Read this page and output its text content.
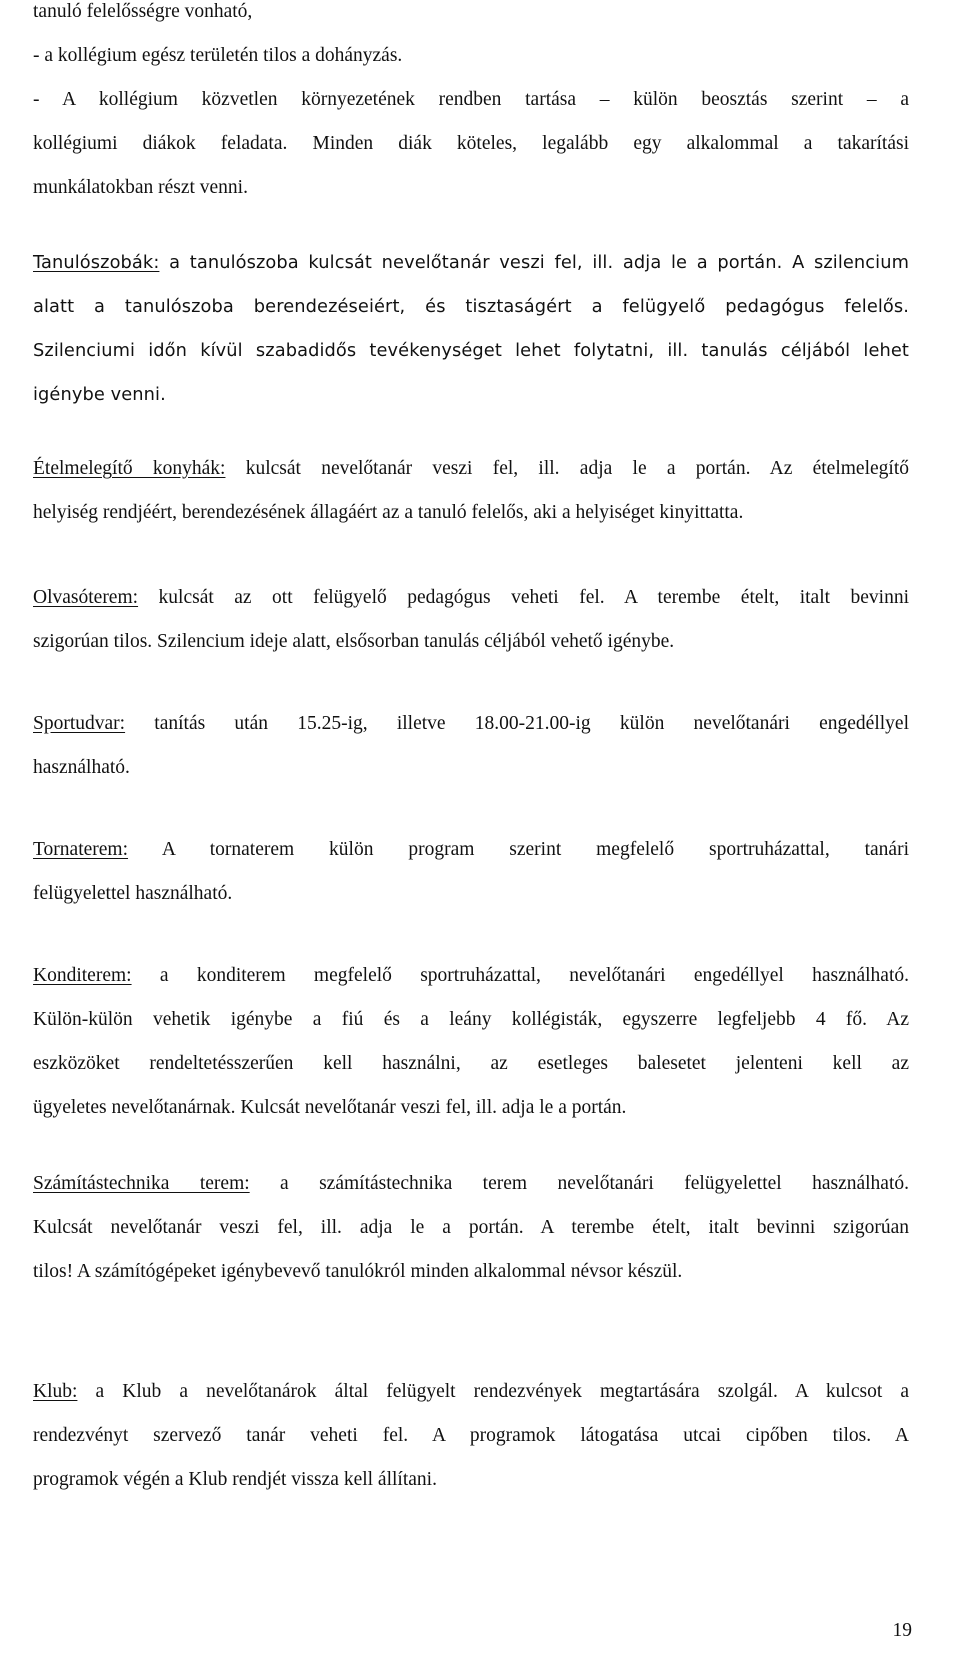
tanuló felelősségre vonható,
- a kollégium egész területén tilos a dohányzás.
- A kollégium közvetlen környezetének rendben tartása – külön beosztás szerint – a
kollégiumi diákok feladata. Minden diák köteles, legalább egy alkalommal a takarítási
munkálatokban részt venni.
Tanulószobák: a tanulószoba kulcsát nevelőtanár veszi fel, ill. adja le a portán. A szilencium
alatt a tanulószoba berendezéseiért, és tisztaságért a felügyelő pedagógus felelős.
Szilenciumi időn kívül szabadidős tevékenységet lehet folytatni, ill. tanulás céljából lehet
igénybe venni.
Ételmelegítő konyhák: kulcsát nevelőtanár veszi fel, ill. adja le a portán. Az ételmelegítő
helyiség rendjéért, berendezésének állagáért az a tanuló felelős, aki a helyiséget kinyittatta.
Olvasóterem: kulcsát az ott felügyelő pedagógus veheti fel. A terembe ételt, italt bevinni
szigorúan tilos. Szilencium ideje alatt, elsősorban tanulás céljából vehető igénybe.
Sportudvar: tanítás után 15.25-ig, illetve 18.00-21.00-ig külön nevelőtanári engedéllyel
használható.
Tornaterem: A tornaterem külön program szerint megfelelő sportruházattal, tanári
felügyelettel használható.
Konditerem: a konditerem megfelelő sportruházattal, nevelőtanári engedéllyel használható.
Külön-külön vehetik igénybe a fiú és a leány kollégisták, egyszerre legfeljebb 4 fő. Az
eszközöket rendeltetésszerűen kell használni, az esetleges balesetet jelenteni kell az
ügyeletes nevelőtanárnak. Kulcsát nevelőtanár veszi fel, ill. adja le a portán.
Számítástechnika terem: a számítástechnika terem nevelőtanári felügyelettel használható.
Kulcsát nevelőtanár veszi fel, ill. adja le a portán. A terembe ételt, italt bevinni szigorúan
tilos! A számítógépeket igénybevevő tanulókról minden alkalommal névsor készül.
Klub: a Klub a nevelőtanárok által felügyelt rendezvények megtartására szolgál. A kulcsot a
rendezvényt szervező tanár veheti fel. A programok látogatása utcai cipőben tilos. A
programok végén a Klub rendjét vissza kell állítani.
19
